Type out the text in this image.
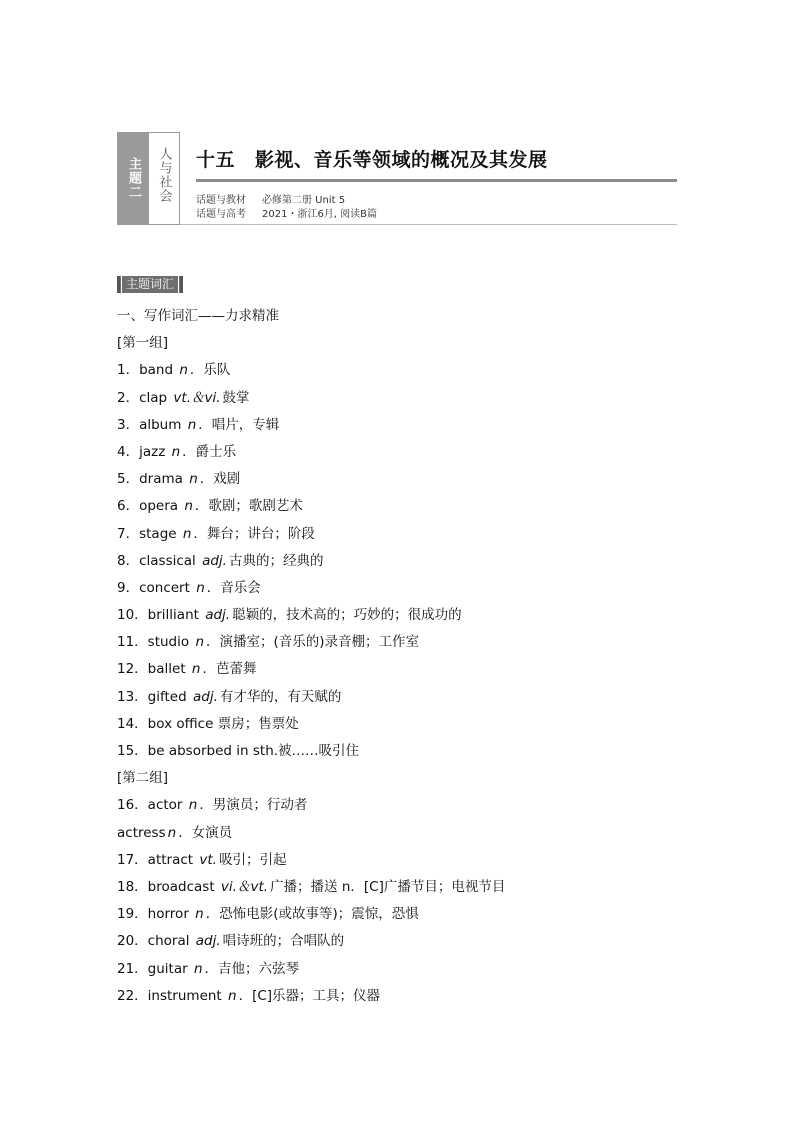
主题二 人与社会 十五 影视、音乐等领域的概况及其发展
话题与教材 必修第二册 Unit 5
话题与高考 2021・浙江6月, 阅读B篇
主题词汇
一、写作词汇——力求精准
[第一组]
1．band n ．乐队
2．clap vt.＆vi. 鼓掌
3．album n ．唱片，专辑
4．jazz n ．爵士乐
5．drama n ．戏剧
6．opera n ．歌剧；歌剧艺术
7．stage n ．舞台；讲台；阶段
8．classical adj. 古典的；经典的
9．concert n ．音乐会
10．brilliant adj. 聪颖的，技术高的；巧妙的；很成功的
11．studio n ．演播室；(音乐的)录音棚；工作室
12．ballet n ．芭蕾舞
13．gifted adj. 有才华的，有天赋的
14．box office 票房；售票处
15．be absorbed in sth.被……吸引住
[第二组]
16．actor n ．男演员；行动者
actress n ．女演员
17．attract vt. 吸引；引起
18．broadcast vi.＆vt. 广播；播送 n．[C]广播节目；电视节目
19．horror n ．恐怖电影(或故事等)；震惊，恐惧
20．choral adj. 唱诗班的；合唱队的
21．guitar n ．吉他；六弦琴
22．instrument n ．[C]乐器；工具；仪器
